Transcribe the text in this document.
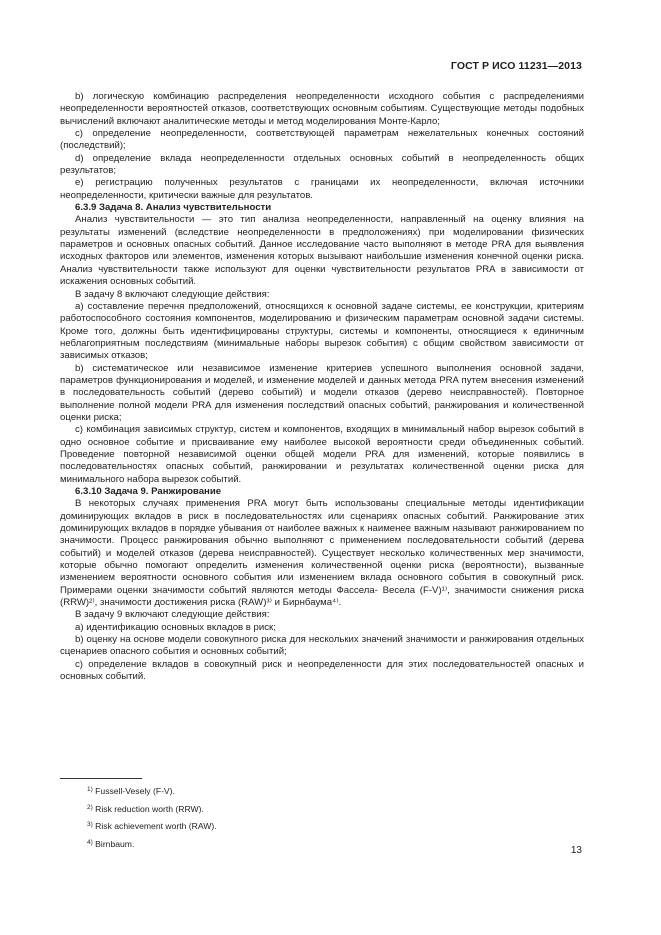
ГОСТ Р ИСО 11231—2013

b) логическую комбинацию распределения неопределенности исходного события с распределениями неопределенности вероятностей отказов, соответствующих основным событиям. Существующие методы подобных вычислений включают аналитические методы и метод моделирования Монте-Карло;

c) определение неопределенности, соответствующей параметрам нежелательных конечных состояний (последствий);

d) определение вклада неопределенности отдельных основных событий в неопределенность общих результатов;

e) регистрацию полученных результатов с границами их неопределенности, включая источники неопределенности, критически важные для результатов.

6.3.9 Задача 8. Анализ чувствительности

Анализ чувствительности — это тип анализа неопределенности, направленный на оценку влияния на результаты изменений (вследствие неопределенности в предположениях) при моделировании физических параметров и основных опасных событий. Данное исследование часто выполняют в методе PRA для выявления исходных факторов или элементов, изменения которых вызывают наибольшие изменения конечной оценки риска. Анализ чувствительности также используют для оценки чувствительности результатов PRA в зависимости от искажения основных событий.

В задачу 8 включают следующие действия:

a) составление перечня предположений, относящихся к основной задаче системы, ее конструкции, критериям работоспособного состояния компонентов, моделированию и физическим параметрам основной задачи системы. Кроме того, должны быть идентифицированы структуры, системы и компоненты, относящиеся к единичным неблагоприятным последствиям (минимальные наборы вырезок события) с общим свойством зависимости от зависимых отказов;

b) систематическое или независимое изменение критериев успешного выполнения основной задачи, параметров функционирования и моделей, и изменение моделей и данных метода PRA путем внесения изменений в последовательность событий (дерево событий) и модели отказов (дерево неисправностей). Повторное выполнение полной модели PRA для изменения последствий опасных событий, ранжирования и количественной оценки риска;

c) комбинация зависимых структур, систем и компонентов, входящих в минимальный набор вырезок событий в одно основное событие и присваивание ему наиболее высокой вероятности среди объединенных событий. Проведение повторной независимой оценки общей модели PRA для изменений, которые появились в последовательностях опасных событий, ранжировании и результатах количественной оценки риска для минимального набора вырезок событий.

6.3.10 Задача 9. Ранжирование

В некоторых случаях применения PRA могут быть использованы специальные методы идентификации доминирующих вкладов в риск в последовательностях или сценариях опасных событий. Ранжирование этих доминирующих вкладов в порядке убывания от наиболее важных к наименее важным называют ранжированием по значимости. Процесс ранжирования обычно выполняют с применением последовательности событий (дерева событий) и моделей отказов (дерева неисправностей). Существует несколько количественных мер значимости, которые обычно помогают определить изменения количественной оценки риска (вероятности), вызванные изменением вероятности основного события или изменением вклада основного события в совокупный риск. Примерами оценки значимости событий являются методы Фассела- Весела (F-V)¹⁾, значимости снижения риска (RRW)²⁾, значимости достижения риска (RAW)³⁾ и Бирнбаума⁴⁾.

В задачу 9 включают следующие действия:

a) идентификацию основных вкладов в риск;

b) оценку на основе модели совокупного риска для нескольких значений значимости и ранжирования отдельных сценариев опасного события и основных событий;

c) определение вкладов в совокупный риск и неопределенности для этих последовательностей опасных и основных событий.

$^{1)}$ Fussell-Vesely (F-V).

$^{2)}$ Risk reduction worth (RRW).

$^{3)}$ Risk achievement worth (RAW).

$^{4)}$ Birnbaum.

13
